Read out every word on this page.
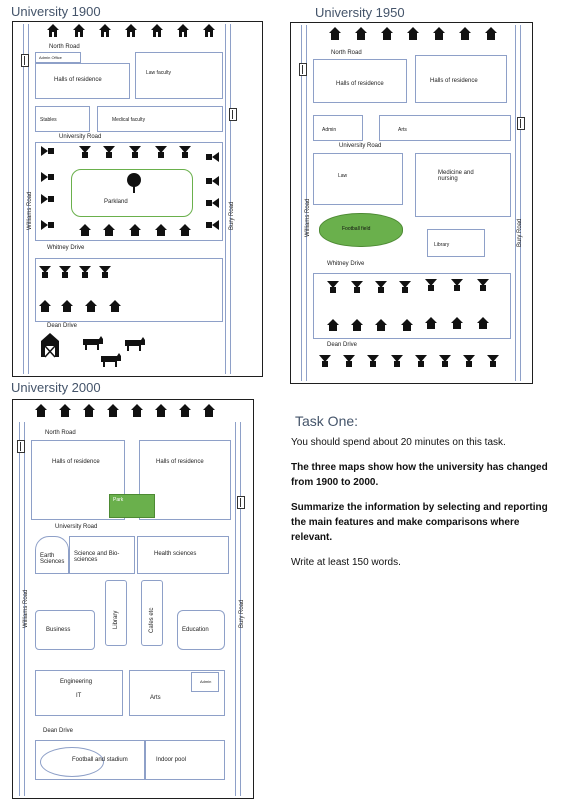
University 1900
North Road
Admin Office
Halls of residence
Law faculty
Stables	Medical faculty
University Road
Parkland
Williams Road	Bury Road
Whitney Drive
Dean Drive
University 1950
North Road
Halls of residence	Halls of residence
Admin	Arts
University Road
Law	Medicine and nursing
Football field
Library
Williams Road	Bury Road
Whitney Drive
Dean Drive
University 2000
North Road
Halls of residence	Halls of residence
Park
University Road
Earth Sciences
Science and Bio-sciences
Health sciences
Business
Library	Cafes etc	Education
Engineering
IT	Arts
Admin
Dean Drive
Football and stadium	Indoor pool
Williams Road	Bury Road
Task One:

You should spend about 20 minutes on this task.

The three maps show how the university has changed from 1900 to 2000.

Summarize the information by selecting and reporting the main features and make comparisons where relevant.

Write at least 150 words.
